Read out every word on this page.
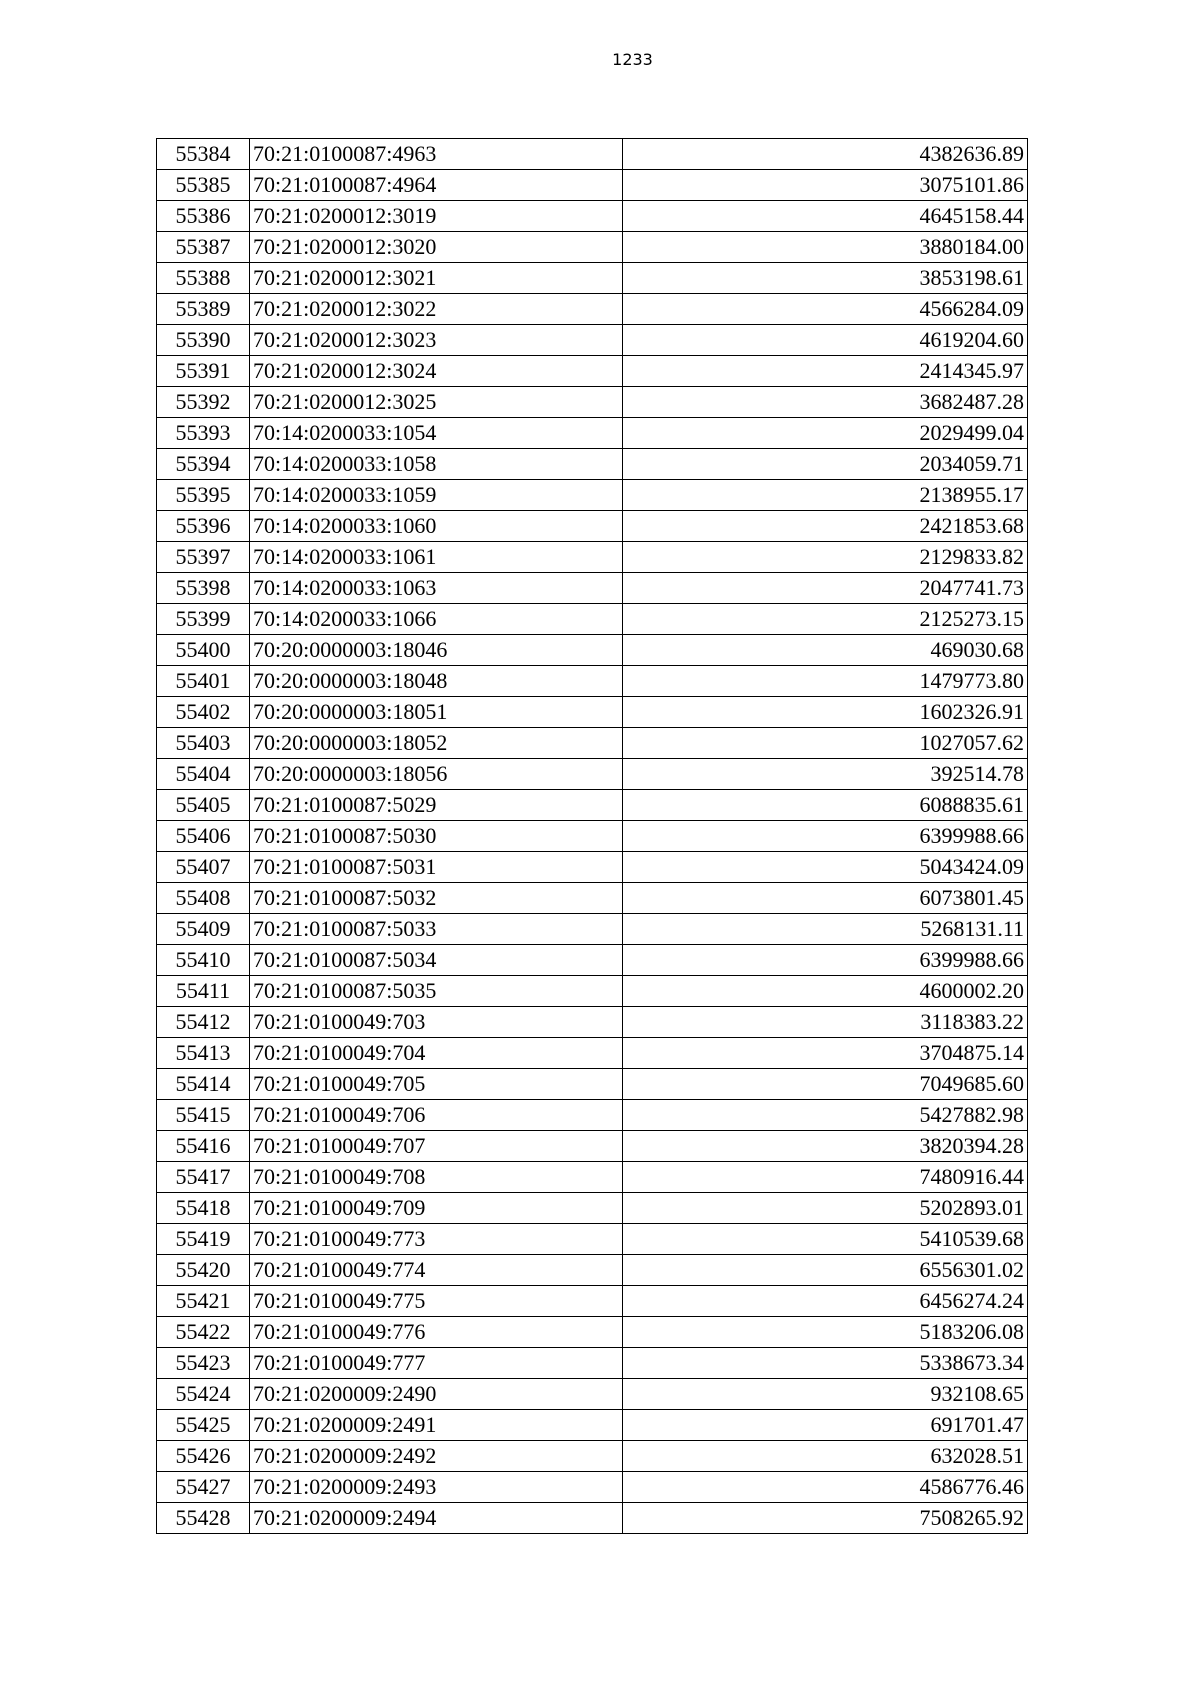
1233
55384	70:21:0100087:4963	4382636.89
55385	70:21:0100087:4964	3075101.86
55386	70:21:0200012:3019	4645158.44
55387	70:21:0200012:3020	3880184.00
55388	70:21:0200012:3021	3853198.61
55389	70:21:0200012:3022	4566284.09
55390	70:21:0200012:3023	4619204.60
55391	70:21:0200012:3024	2414345.97
55392	70:21:0200012:3025	3682487.28
55393	70:14:0200033:1054	2029499.04
55394	70:14:0200033:1058	2034059.71
55395	70:14:0200033:1059	2138955.17
55396	70:14:0200033:1060	2421853.68
55397	70:14:0200033:1061	2129833.82
55398	70:14:0200033:1063	2047741.73
55399	70:14:0200033:1066	2125273.15
55400	70:20:0000003:18046	469030.68
55401	70:20:0000003:18048	1479773.80
55402	70:20:0000003:18051	1602326.91
55403	70:20:0000003:18052	1027057.62
55404	70:20:0000003:18056	392514.78
55405	70:21:0100087:5029	6088835.61
55406	70:21:0100087:5030	6399988.66
55407	70:21:0100087:5031	5043424.09
55408	70:21:0100087:5032	6073801.45
55409	70:21:0100087:5033	5268131.11
55410	70:21:0100087:5034	6399988.66
55411	70:21:0100087:5035	4600002.20
55412	70:21:0100049:703	3118383.22
55413	70:21:0100049:704	3704875.14
55414	70:21:0100049:705	7049685.60
55415	70:21:0100049:706	5427882.98
55416	70:21:0100049:707	3820394.28
55417	70:21:0100049:708	7480916.44
55418	70:21:0100049:709	5202893.01
55419	70:21:0100049:773	5410539.68
55420	70:21:0100049:774	6556301.02
55421	70:21:0100049:775	6456274.24
55422	70:21:0100049:776	5183206.08
55423	70:21:0100049:777	5338673.34
55424	70:21:0200009:2490	932108.65
55425	70:21:0200009:2491	691701.47
55426	70:21:0200009:2492	632028.51
55427	70:21:0200009:2493	4586776.46
55428	70:21:0200009:2494	7508265.92
